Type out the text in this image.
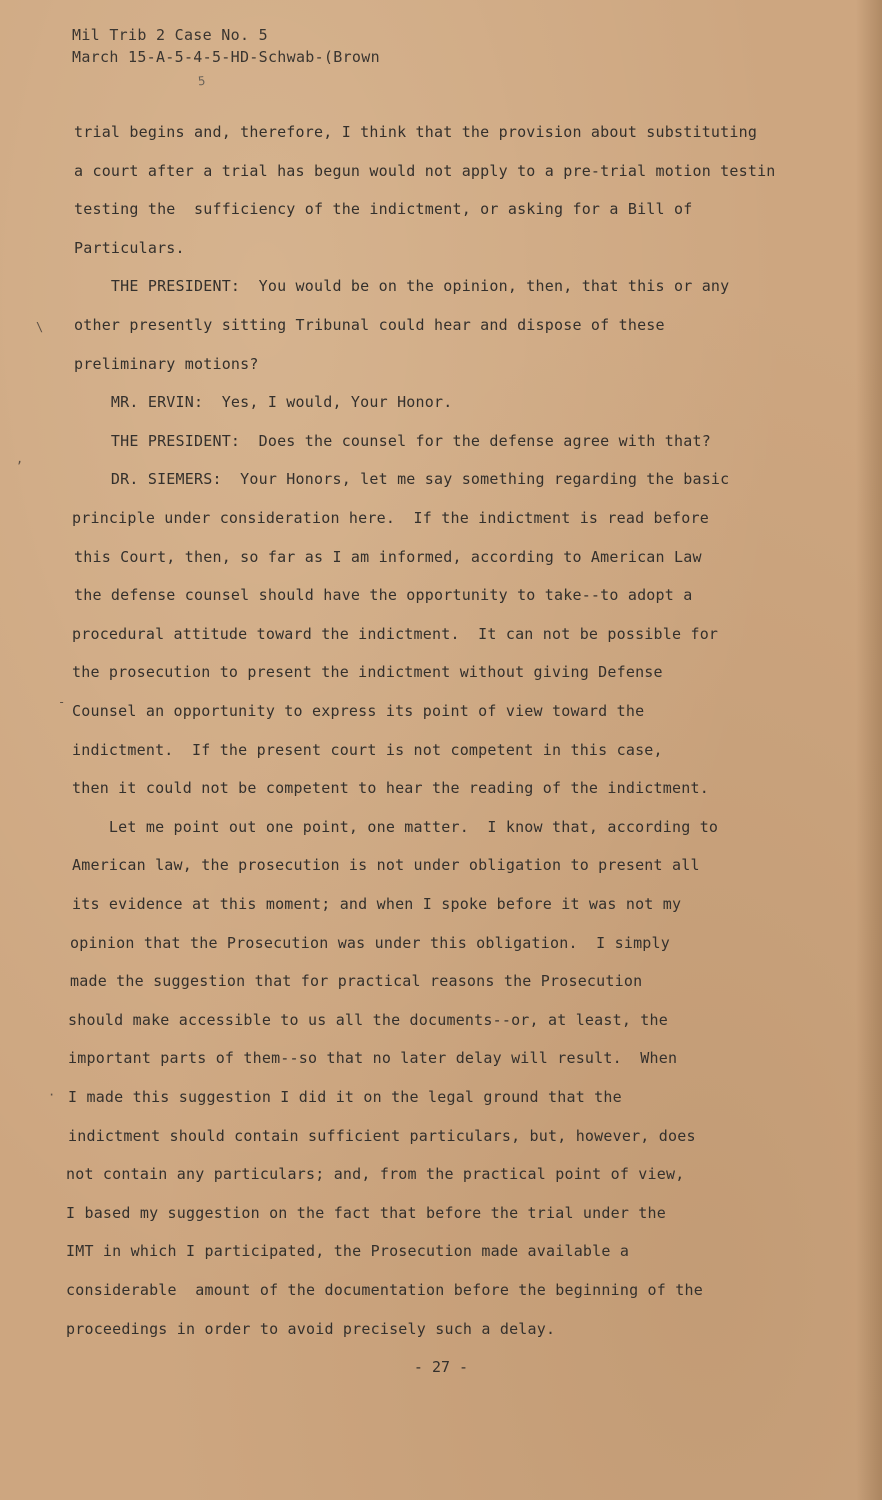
Mil Trib 2 Case No. 5
March 15-A-5-4-5-HD-Schwab-(Brown
5
trial begins and, therefore, I think that the provision about substituting
a court after a trial has begun would not apply to a pre-trial motion testin
testing the  sufficiency of the indictment, or asking for a Bill of
Particulars.
THE PRESIDENT:  You would be on the opinion, then, that this or any
other presently sitting Tribunal could hear and dispose of these
preliminary motions?
MR. ERVIN:  Yes, I would, Your Honor.
THE PRESIDENT:  Does the counsel for the defense agree with that?
DR. SIEMERS:  Your Honors, let me say something regarding the basic
principle under consideration here.  If the indictment is read before
this Court, then, so far as I am informed, according to American Law
the defense counsel should have the opportunity to take--to adopt a
procedural attitude toward the indictment.  It can not be possible for
the prosecution to present the indictment without giving Defense
Counsel an opportunity to express its point of view toward the
indictment.  If the present court is not competent in this case,
then it could not be competent to hear the reading of the indictment.
Let me point out one point, one matter.  I know that, according to
American law, the prosecution is not under obligation to present all
its evidence at this moment; and when I spoke before it was not my
opinion that the Prosecution was under this obligation.  I simply
made the suggestion that for practical reasons the Prosecution
should make accessible to us all the documents--or, at least, the
important parts of them--so that no later delay will result.  When
I made this suggestion I did it on the legal ground that the
indictment should contain sufficient particulars, but, however, does
not contain any particulars; and, from the practical point of view,
I based my suggestion on the fact that before the trial under the
IMT in which I participated, the Prosecution made available a
considerable  amount of the documentation before the beginning of the
proceedings in order to avoid precisely such a delay.
\
‚
-
·
- 27 -
